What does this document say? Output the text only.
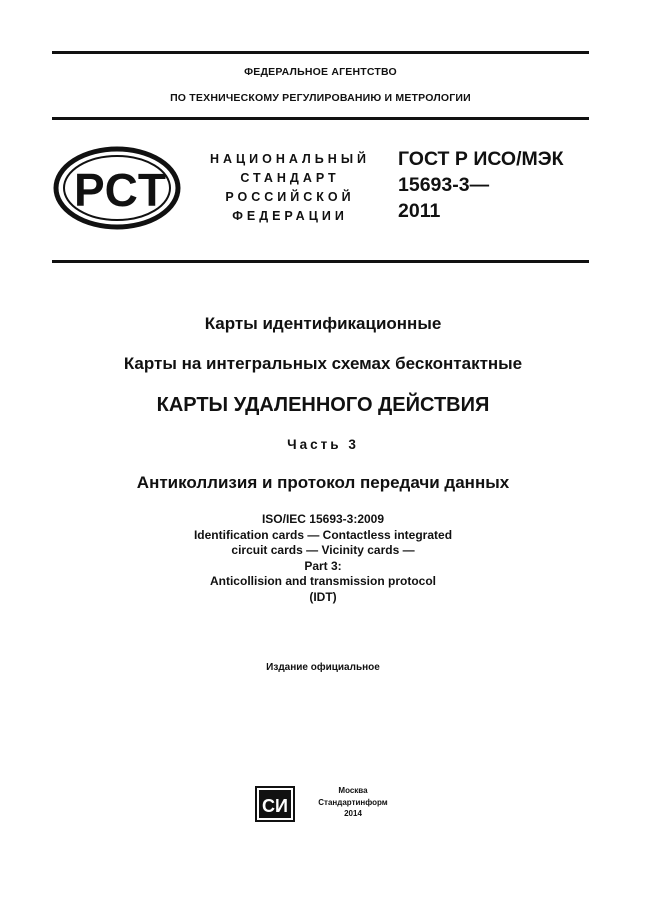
ФЕДЕРАЛЬНОЕ АГЕНТСТВО
ПО ТЕХНИЧЕСКОМУ РЕГУЛИРОВАНИЮ И МЕТРОЛОГИИ
PCT
НАЦИОНАЛЬНЫЙ
СТАНДАРТ
РОССИЙСКОЙ
ФЕДЕРАЦИИ
ГОСТ Р ИСО/МЭК
15693-3—
2011
Карты идентификационные
Карты на интегральных схемах бесконтактные
КАРТЫ УДАЛЕННОГО ДЕЙСТВИЯ
Часть 3
Антиколлизия и протокол передачи данных
ISO/IEC 15693-3:2009
Identification cards — Contactless integrated
circuit cards — Vicinity cards —
Part 3:
Anticollision and transmission protocol
(IDT)
Издание официальное
СИ
Москва
Стандартинформ
2014
